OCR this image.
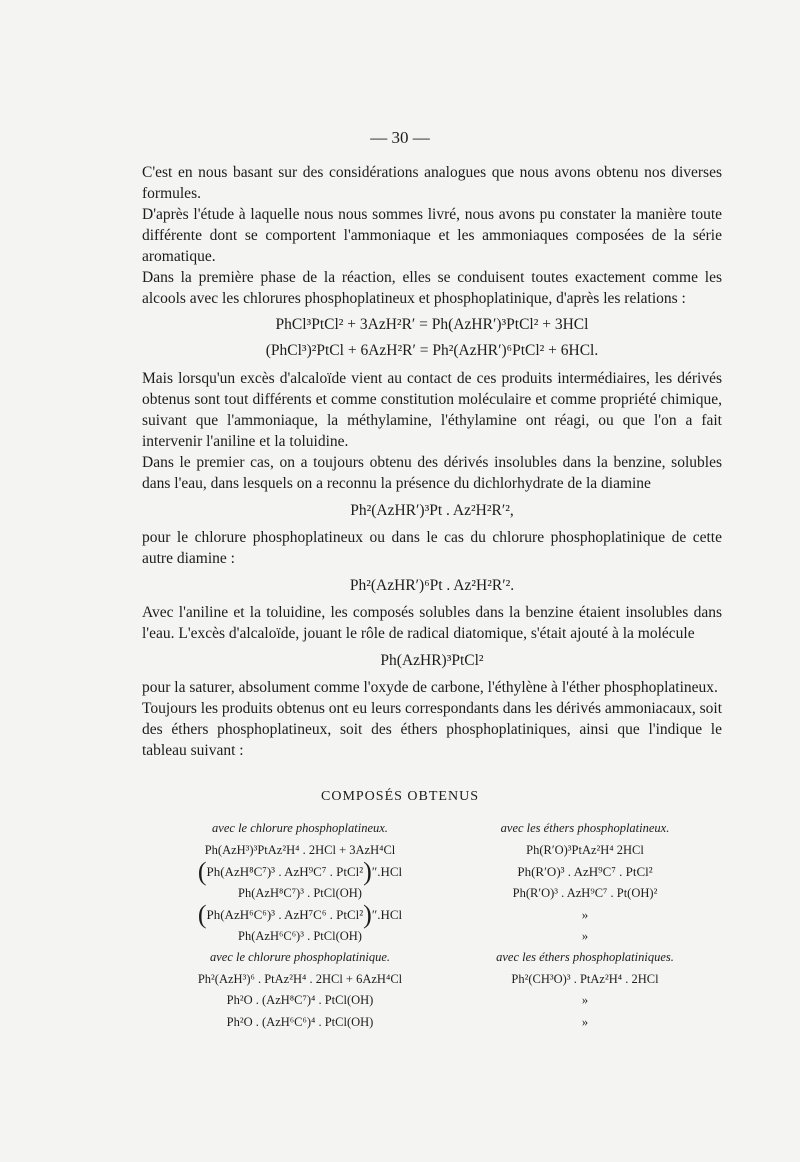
— 30 —

C'est en nous basant sur des considérations analogues que nous avons obtenu nos diverses formules.

D'après l'étude à laquelle nous nous sommes livré, nous avons pu constater la manière toute différente dont se comportent l'ammoniaque et les ammoniaques composées de la série aromatique.

Dans la première phase de la réaction, elles se conduisent toutes exactement comme les alcools avec les chlorures phosphoplatineux et phosphoplatinique, d'après les relations :

PhCl³PtCl² + 3AzH²R′ = Ph(AzHR′)³PtCl² + 3HCl
(PhCl³)²PtCl + 6AzH²R′ = Ph²(AzHR′)⁶PtCl² + 6HCl.

Mais lorsqu'un excès d'alcaloïde vient au contact de ces produits intermédiaires, les dérivés obtenus sont tout différents et comme constitution moléculaire et comme propriété chimique, suivant que l'ammoniaque, la méthylamine, l'éthylamine ont réagi, ou que l'on a fait intervenir l'aniline et la toluidine.

Dans le premier cas, on a toujours obtenu des dérivés insolubles dans la benzine, solubles dans l'eau, dans lesquels on a reconnu la présence du dichlorhydrate de la diamine

Ph²(AzHR′)³Pt . Az²H²R′²,

pour le chlorure phosphoplatineux ou dans le cas du chlorure phosphoplatinique de cette autre diamine :

Ph²(AzHR′)⁶Pt . Az²H²R′².

Avec l'aniline et la toluidine, les composés solubles dans la benzine étaient insolubles dans l'eau. L'excès d'alcaloïde, jouant le rôle de radical diatomique, s'était ajouté à la molécule

Ph(AzHR)³PtCl²

pour la saturer, absolument comme l'oxyde de carbone, l'éthylène à l'éther phosphoplatineux.

Toujours les produits obtenus ont eu leurs correspondants dans les dérivés ammoniacaux, soit des éthers phosphoplatineux, soit des éthers phosphoplatiniques, ainsi que l'indique le tableau suivant :

COMPOSÉS OBTENUS
avec le chlorure phosphoplatineux.
Ph(AzH³)³PtAz²H⁴ . 2HCl + 3AzH⁴Cl
(Ph(AzH⁸C⁷)³ . AzH⁹C⁷ . PtCl²)″.HCl
Ph(AzH⁸C⁷)³ . PtCl(OH)
(Ph(AzH⁶C⁶)³ . AzH⁷C⁶ . PtCl²)″.HCl
Ph(AzH⁶C⁶)³ . PtCl(OH)
avec le chlorure phosphoplatinique.
Ph²(AzH³)⁶ . PtAz²H⁴ . 2HCl + 6AzH⁴Cl
Ph²O . (AzH⁸C⁷)⁴ . PtCl(OH)
Ph²O . (AzH⁶C⁶)⁴ . PtCl(OH)
avec les éthers phosphoplatineux.
Ph(R′O)³PtAz²H⁴ 2HCl
Ph(R′O)³ . AzH⁹C⁷ . PtCl²
Ph(R′O)³ . AzH⁹C⁷ . Pt(OH)²
»
»
avec les éthers phosphoplatiniques.
Ph²(CH³O)³ . PtAz²H⁴ . 2HCl
»
»
